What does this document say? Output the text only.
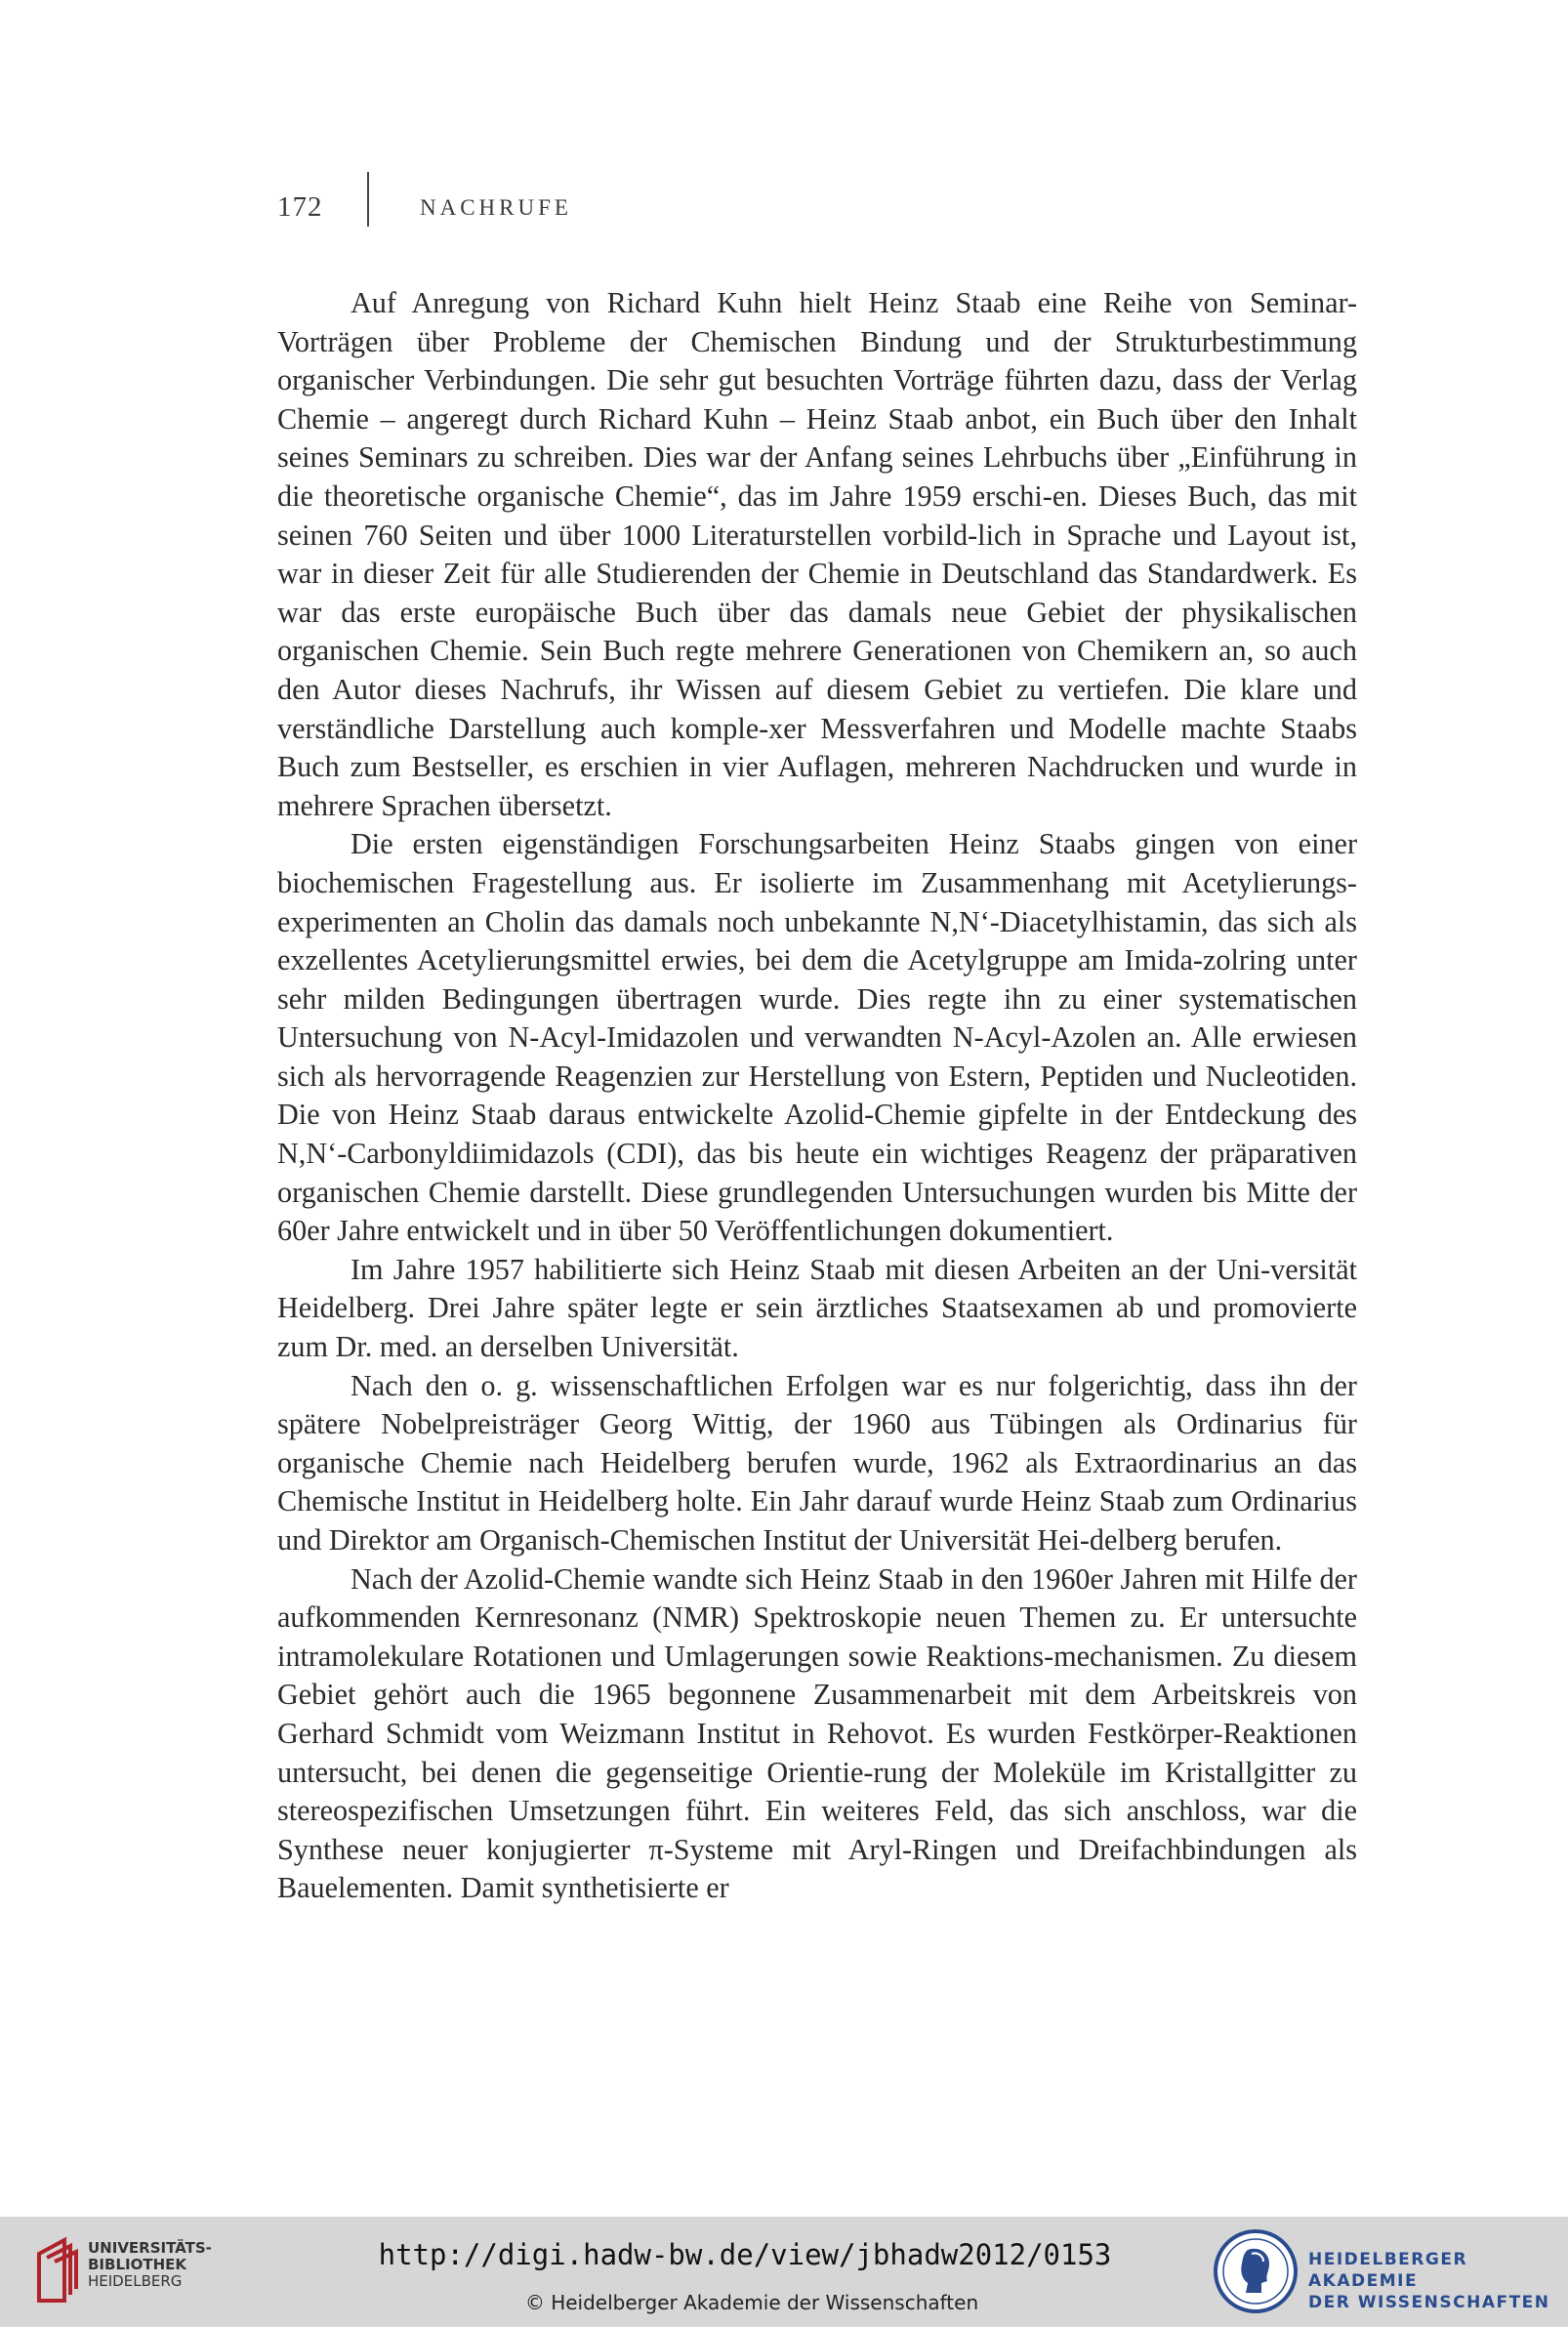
172	NACHRUFE

Auf Anregung von Richard Kuhn hielt Heinz Staab eine Reihe von Seminar-Vorträgen über Probleme der Chemischen Bindung und der Strukturbestimmung organischer Verbindungen. Die sehr gut besuchten Vorträge führten dazu, dass der Verlag Chemie – angeregt durch Richard Kuhn – Heinz Staab anbot, ein Buch über den Inhalt seines Seminars zu schreiben. Dies war der Anfang seines Lehrbuchs über „Einführung in die theoretische organische Chemie“, das im Jahre 1959 erschi-en. Dieses Buch, das mit seinen 760 Seiten und über 1000 Literaturstellen vorbild-lich in Sprache und Layout ist, war in dieser Zeit für alle Studierenden der Chemie in Deutschland das Standardwerk. Es war das erste europäische Buch über das damals neue Gebiet der physikalischen organischen Chemie. Sein Buch regte mehrere Generationen von Chemikern an, so auch den Autor dieses Nachrufs, ihr Wissen auf diesem Gebiet zu vertiefen. Die klare und verständliche Darstellung auch komple-xer Messverfahren und Modelle machte Staabs Buch zum Bestseller, es erschien in vier Auflagen, mehreren Nachdrucken und wurde in mehrere Sprachen übersetzt.

Die ersten eigenständigen Forschungsarbeiten Heinz Staabs gingen von einer biochemischen Fragestellung aus. Er isolierte im Zusammenhang mit Acetylierungs-experimenten an Cholin das damals noch unbekannte N,N‘-Diacetylhistamin, das sich als exzellentes Acetylierungsmittel erwies, bei dem die Acetylgruppe am Imida-zolring unter sehr milden Bedingungen übertragen wurde. Dies regte ihn zu einer systematischen Untersuchung von N-Acyl-Imidazolen und verwandten N-Acyl-Azolen an. Alle erwiesen sich als hervorragende Reagenzien zur Herstellung von Estern, Peptiden und Nucleotiden. Die von Heinz Staab daraus entwickelte Azolid-Chemie gipfelte in der Entdeckung des N,N‘-Carbonyldiimidazols (CDI), das bis heute ein wichtiges Reagenz der präparativen organischen Chemie darstellt. Diese grundlegenden Untersuchungen wurden bis Mitte der 60er Jahre entwickelt und in über 50 Veröffentlichungen dokumentiert.

Im Jahre 1957 habilitierte sich Heinz Staab mit diesen Arbeiten an der Uni-versität Heidelberg. Drei Jahre später legte er sein ärztliches Staatsexamen ab und promovierte zum Dr. med. an derselben Universität.

Nach den o. g. wissenschaftlichen Erfolgen war es nur folgerichtig, dass ihn der spätere Nobelpreisträger Georg Wittig, der 1960 aus Tübingen als Ordinarius für organische Chemie nach Heidelberg berufen wurde, 1962 als Extraordinarius an das Chemische Institut in Heidelberg holte. Ein Jahr darauf wurde Heinz Staab zum Ordinarius und Direktor am Organisch-Chemischen Institut der Universität Hei-delberg berufen.

Nach der Azolid-Chemie wandte sich Heinz Staab in den 1960er Jahren mit Hilfe der aufkommenden Kernresonanz (NMR) Spektroskopie neuen Themen zu. Er untersuchte intramolekulare Rotationen und Umlagerungen sowie Reaktions-mechanismen. Zu diesem Gebiet gehört auch die 1965 begonnene Zusammenarbeit mit dem Arbeitskreis von Gerhard Schmidt vom Weizmann Institut in Rehovot. Es wurden Festkörper-Reaktionen untersucht, bei denen die gegenseitige Orientie-rung der Moleküle im Kristallgitter zu stereospezifischen Umsetzungen führt. Ein weiteres Feld, das sich anschloss, war die Synthese neuer konjugierter π-Systeme mit Aryl-Ringen und Dreifachbindungen als Bauelementen. Damit synthetisierte er

UNIVERSITÄTS-
BIBLIOTHEK
HEIDELBERG
http://digi.hadw-bw.de/view/jbhadw2012/0153
© Heidelberger Akademie der Wissenschaften
HEIDELBERGER AKADEMIE
DER WISSENSCHAFTEN
